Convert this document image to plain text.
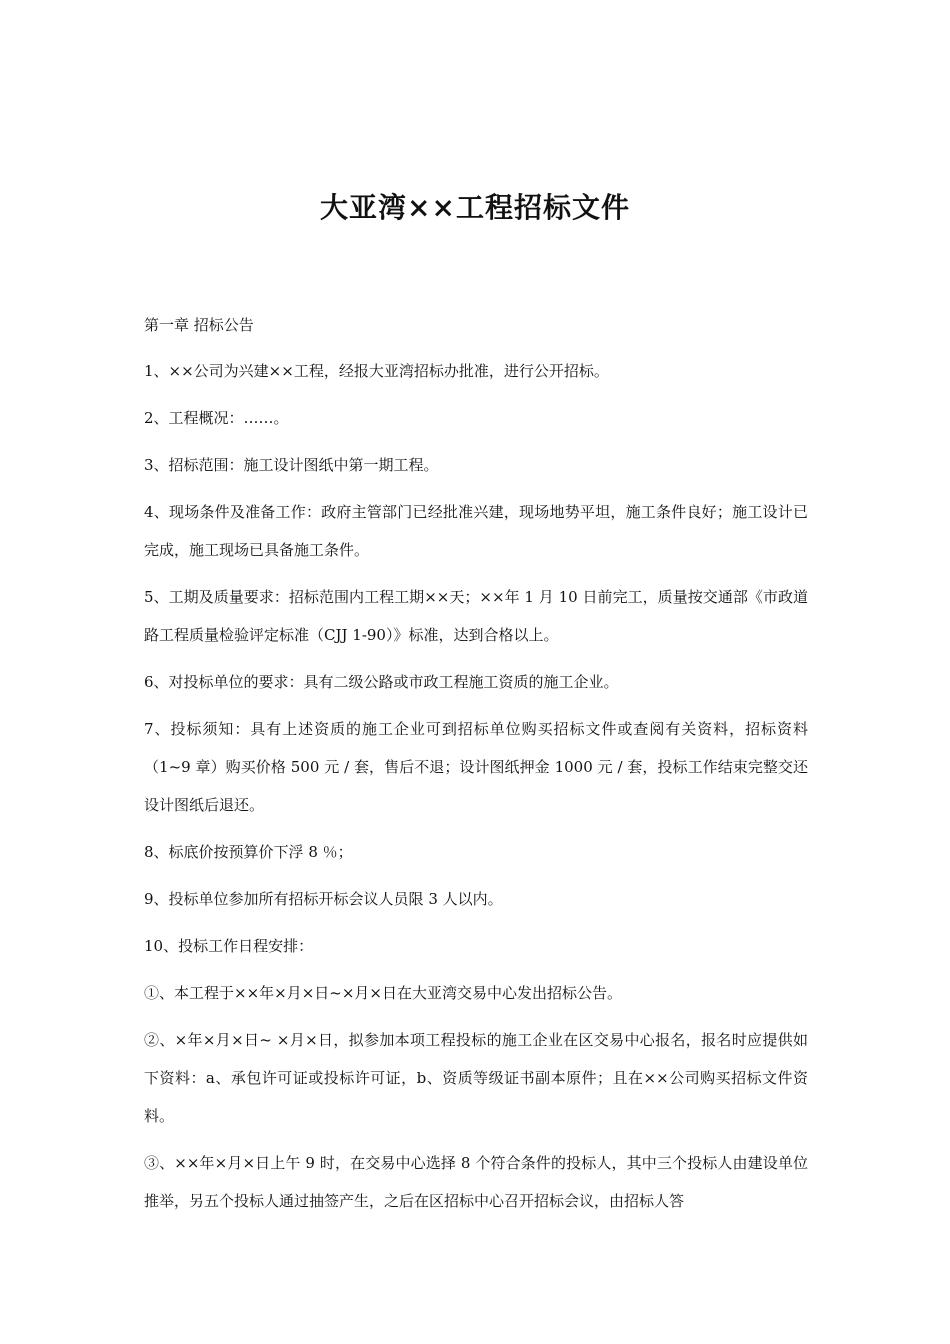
大亚湾××工程招标文件

第一章 招标公告

1、××公司为兴建××工程，经报大亚湾招标办批准，进行公开招标。

2、工程概况：……。

3、招标范围：施工设计图纸中第一期工程。

4、现场条件及准备工作：政府主管部门已经批准兴建，现场地势平坦，施工条件良好；施工设计已完成，施工现场已具备施工条件。

5、工期及质量要求：招标范围内工程工期××天；××年 1 月 10 日前完工，质量按交通部《市政道路工程质量检验评定标准（CJJ 1-90）》标准，达到合格以上。

6、对投标单位的要求：具有二级公路或市政工程施工资质的施工企业。

7、投标须知：具有上述资质的施工企业可到招标单位购买招标文件或查阅有关资料，招标资料（1~9 章）购买价格 500 元 / 套，售后不退；设计图纸押金 1000 元 / 套，投标工作结束完整交还设计图纸后退还。

8、标底价按预算价下浮 8 ％；

9、投标单位参加所有招标开标会议人员限 3 人以内。

10、投标工作日程安排：

①、本工程于××年×月×日~×月×日在大亚湾交易中心发出招标公告。

②、×年×月×日~ ×月×日，拟参加本项工程投标的施工企业在区交易中心报名，报名时应提供如下资料：a、承包许可证或投标许可证，b、资质等级证书副本原件；且在××公司购买招标文件资料。

③、××年×月×日上午 9 时，在交易中心选择 8 个符合条件的投标人，其中三个投标人由建设单位推举，另五个投标人通过抽签产生，之后在区招标中心召开招标会议，由招标人答
